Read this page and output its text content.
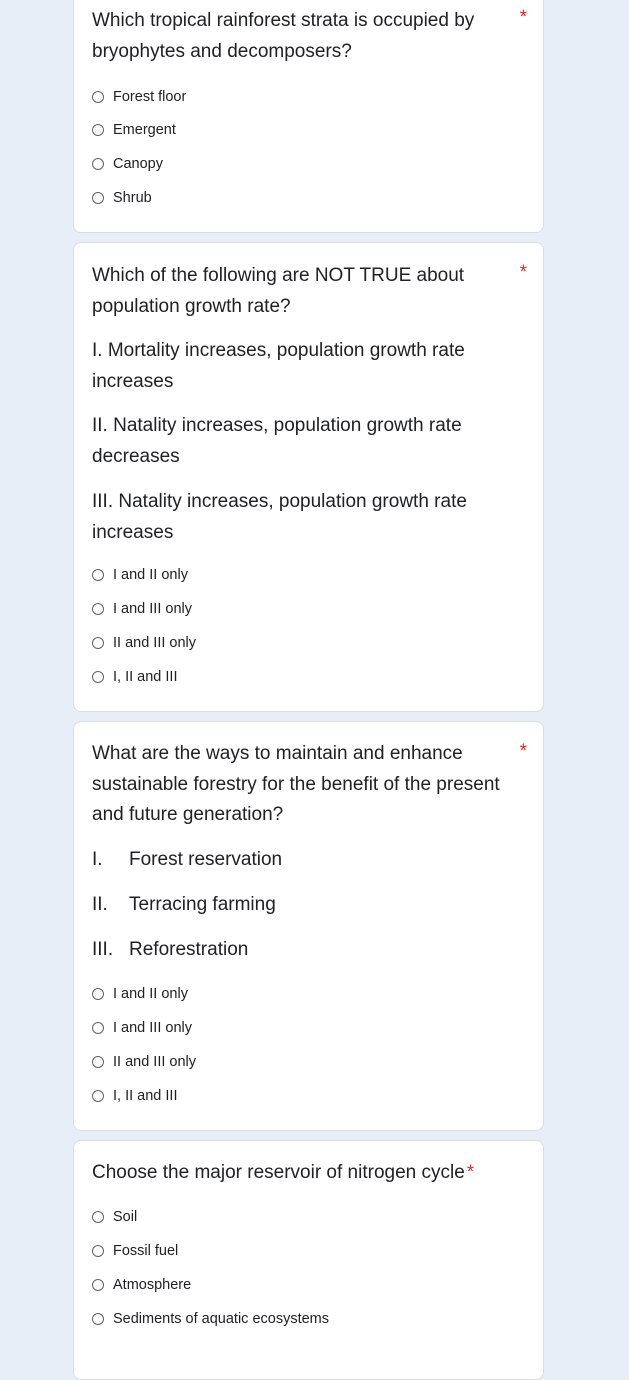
Which tropical rainforest strata is occupied by bryophytes and decomposers?
*
Forest floor
Emergent
Canopy
Shrub
Which of the following are NOT TRUE about population growth rate?
*
I. Mortality increases, population growth rate increases
II. Natality increases, population growth rate decreases
III. Natality increases, population growth rate increases
I and II only
I and III only
II and III only
I, II and III
What are the ways to maintain and enhance sustainable forestry for the benefit of the present and future generation?
*
I. Forest reservation
II. Terracing farming
III. Reforestration
I and II only
I and III only
II and III only
I, II and III
Choose the major reservoir of nitrogen cycle *
Soil
Fossil fuel
Atmosphere
Sediments of aquatic ecosystems
